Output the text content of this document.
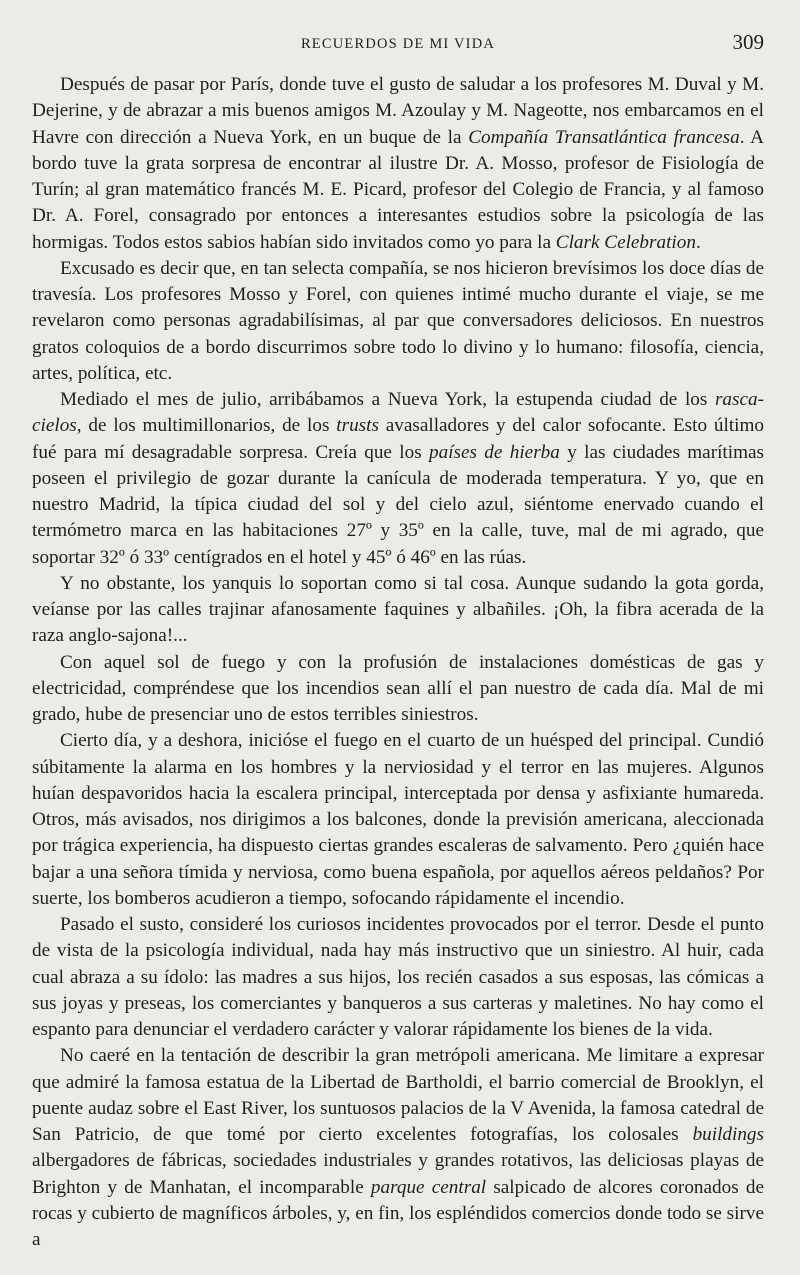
RECUERDOS DE MI VIDA	309

Después de pasar por París, donde tuve el gusto de saludar a los profesores M. Duval y M. Dejerine, y de abrazar a mis buenos amigos M. Azoulay y M. Nageotte, nos embarcamos en el Havre con dirección a Nueva York, en un buque de la Compañía Transatlántica francesa. A bordo tuve la grata sorpresa de encontrar al ilustre Dr. A. Mosso, profesor de Fisiología de Turín; al gran matemático francés M. E. Picard, profesor del Colegio de Francia, y al famoso Dr. A. Forel, consagrado por entonces a interesantes estudios sobre la psicología de las hormigas. Todos estos sabios habían sido invitados como yo para la Clark Celebration.

Excusado es decir que, en tan selecta compañía, se nos hicieron brevísimos los doce días de travesía. Los profesores Mosso y Forel, con quienes intimé mucho durante el viaje, se me revelaron como personas agradabilísimas, al par que conversadores deliciosos. En nuestros gratos coloquios de a bordo discurrimos sobre todo lo divino y lo humano: filosofía, ciencia, artes, política, etc.

Mediado el mes de julio, arribábamos a Nueva York, la estupenda ciudad de los rasca-cielos, de los multimillonarios, de los trusts avasalladores y del calor sofocante. Esto último fué para mí desagradable sorpresa. Creía que los países de hierba y las ciudades marítimas poseen el privilegio de gozar durante la canícula de moderada temperatura. Y yo, que en nuestro Madrid, la típica ciudad del sol y del cielo azul, siéntome enervado cuando el termómetro marca en las habitaciones 27º y 35º en la calle, tuve, mal de mi agrado, que soportar 32º ó 33º centígrados en el hotel y 45º ó 46º en las rúas.

Y no obstante, los yanquis lo soportan como si tal cosa. Aunque sudando la gota gorda, veíanse por las calles trajinar afanosamente faquines y albañiles. ¡Oh, la fibra acerada de la raza anglo-sajona!...

Con aquel sol de fuego y con la profusión de instalaciones domésticas de gas y electricidad, compréndese que los incendios sean allí el pan nuestro de cada día. Mal de mi grado, hube de presenciar uno de estos terribles siniestros.

Cierto día, y a deshora, inicióse el fuego en el cuarto de un huésped del principal. Cundió súbitamente la alarma en los hombres y la nerviosidad y el terror en las mujeres. Algunos huían despavoridos hacia la escalera principal, interceptada por densa y asfixiante humareda. Otros, más avisados, nos dirigimos a los balcones, donde la previsión americana, aleccionada por trágica experiencia, ha dispuesto ciertas grandes escaleras de salvamento. Pero ¿quién hace bajar a una señora tímida y nerviosa, como buena española, por aquellos aéreos peldaños? Por suerte, los bomberos acudieron a tiempo, sofocando rápidamente el incendio.

Pasado el susto, consideré los curiosos incidentes provocados por el terror. Desde el punto de vista de la psicología individual, nada hay más instructivo que un siniestro. Al huir, cada cual abraza a su ídolo: las madres a sus hijos, los recién casados a sus esposas, las cómicas a sus joyas y preseas, los comerciantes y banqueros a sus carteras y maletines. No hay como el espanto para denunciar el verdadero carácter y valorar rápidamente los bienes de la vida.

No caeré en la tentación de describir la gran metrópoli americana. Me limitare a expresar que admiré la famosa estatua de la Libertad de Bartholdi, el barrio comercial de Brooklyn, el puente audaz sobre el East River, los suntuosos palacios de la V Avenida, la famosa catedral de San Patricio, de que tomé por cierto excelentes fotografías, los colosales buildings albergadores de fábricas, sociedades industriales y grandes rotativos, las deliciosas playas de Brighton y de Manhatan, el incomparable parque central salpicado de alcores coronados de rocas y cubierto de magníficos árboles, y, en fin, los espléndidos comercios donde todo se sirve a
